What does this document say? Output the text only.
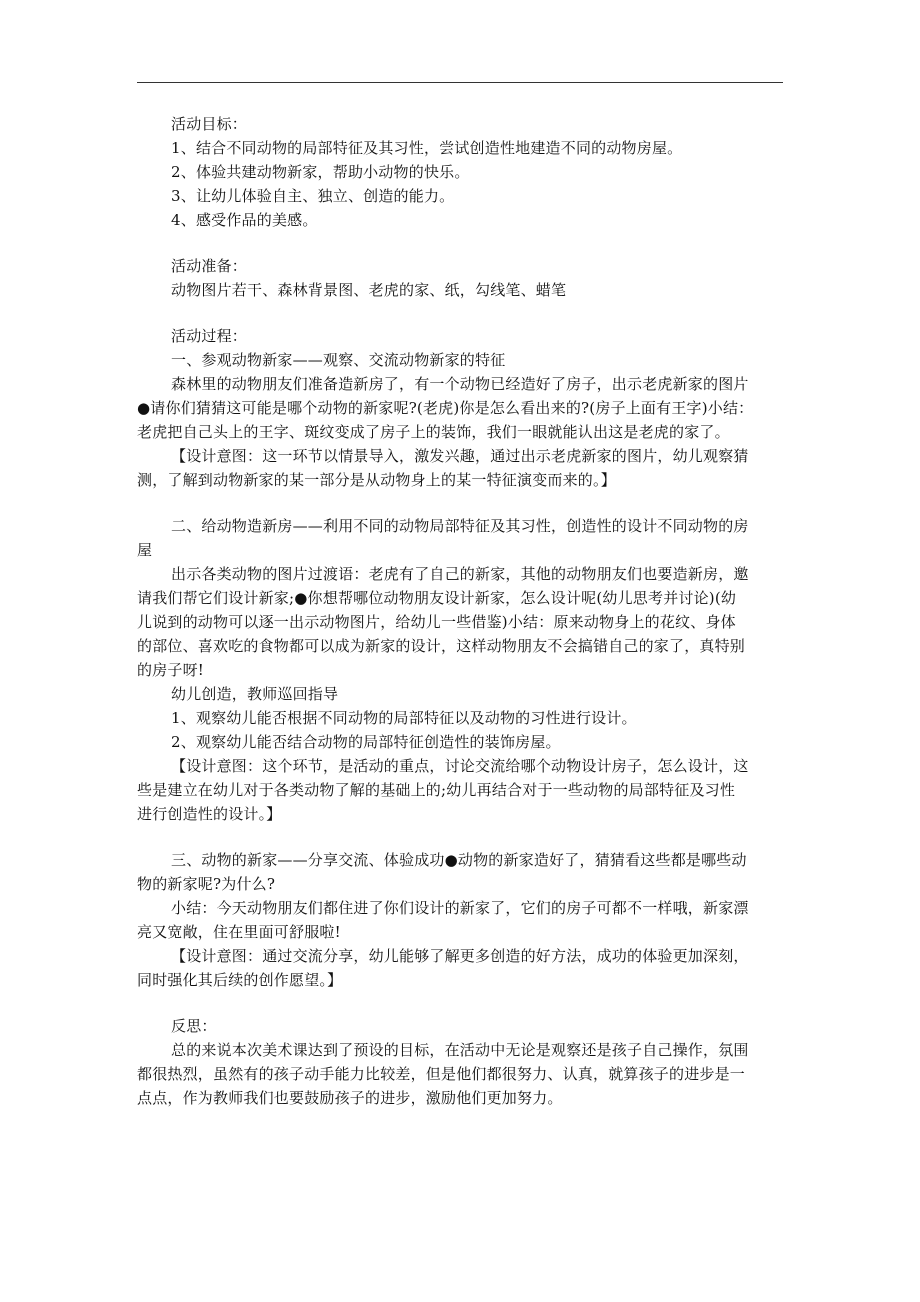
活动目标：

1、结合不同动物的局部特征及其习性，尝试创造性地建造不同的动物房屋。

2、体验共建动物新家，帮助小动物的快乐。

3、让幼儿体验自主、独立、创造的能力。

4、感受作品的美感。

活动准备：

动物图片若干、森林背景图、老虎的家、纸，勾线笔、蜡笔

活动过程：

一、参观动物新家——观察、交流动物新家的特征

森林里的动物朋友们准备造新房了，有一个动物已经造好了房子，出示老虎新家的图片

●请你们猜猜这可能是哪个动物的新家呢?(老虎)你是怎么看出来的?(房子上面有王字)小结：

老虎把自己头上的王字、斑纹变成了房子上的装饰，我们一眼就能认出这是老虎的家了。

【设计意图：这一环节以情景导入，激发兴趣，通过出示老虎新家的图片，幼儿观察猜

测，了解到动物新家的某一部分是从动物身上的某一特征演变而来的。】

二、给动物造新房——利用不同的动物局部特征及其习性，创造性的设计不同动物的房

屋

出示各类动物的图片过渡语：老虎有了自己的新家，其他的动物朋友们也要造新房，邀

请我们帮它们设计新家;●你想帮哪位动物朋友设计新家，怎么设计呢(幼儿思考并讨论)(幼

儿说到的动物可以逐一出示动物图片，给幼儿一些借鉴)小结：原来动物身上的花纹、身体

的部位、喜欢吃的食物都可以成为新家的设计，这样动物朋友不会搞错自己的家了，真特别

的房子呀!

幼儿创造，教师巡回指导

1、观察幼儿能否根据不同动物的局部特征以及动物的习性进行设计。

2、观察幼儿能否结合动物的局部特征创造性的装饰房屋。

【设计意图：这个环节，是活动的重点，讨论交流给哪个动物设计房子，怎么设计，这

些是建立在幼儿对于各类动物了解的基础上的;幼儿再结合对于一些动物的局部特征及习性

进行创造性的设计。】

三、动物的新家——分享交流、体验成功●动物的新家造好了，猜猜看这些都是哪些动

物的新家呢?为什么?

小结：今天动物朋友们都住进了你们设计的新家了，它们的房子可都不一样哦，新家漂

亮又宽敞，住在里面可舒服啦!

【设计意图：通过交流分享，幼儿能够了解更多创造的好方法，成功的体验更加深刻，

同时强化其后续的创作愿望。】

反思：

总的来说本次美术课达到了预设的目标，在活动中无论是观察还是孩子自己操作，氛围

都很热烈，虽然有的孩子动手能力比较差，但是他们都很努力、认真，就算孩子的进步是一

点点，作为教师我们也要鼓励孩子的进步，激励他们更加努力。
